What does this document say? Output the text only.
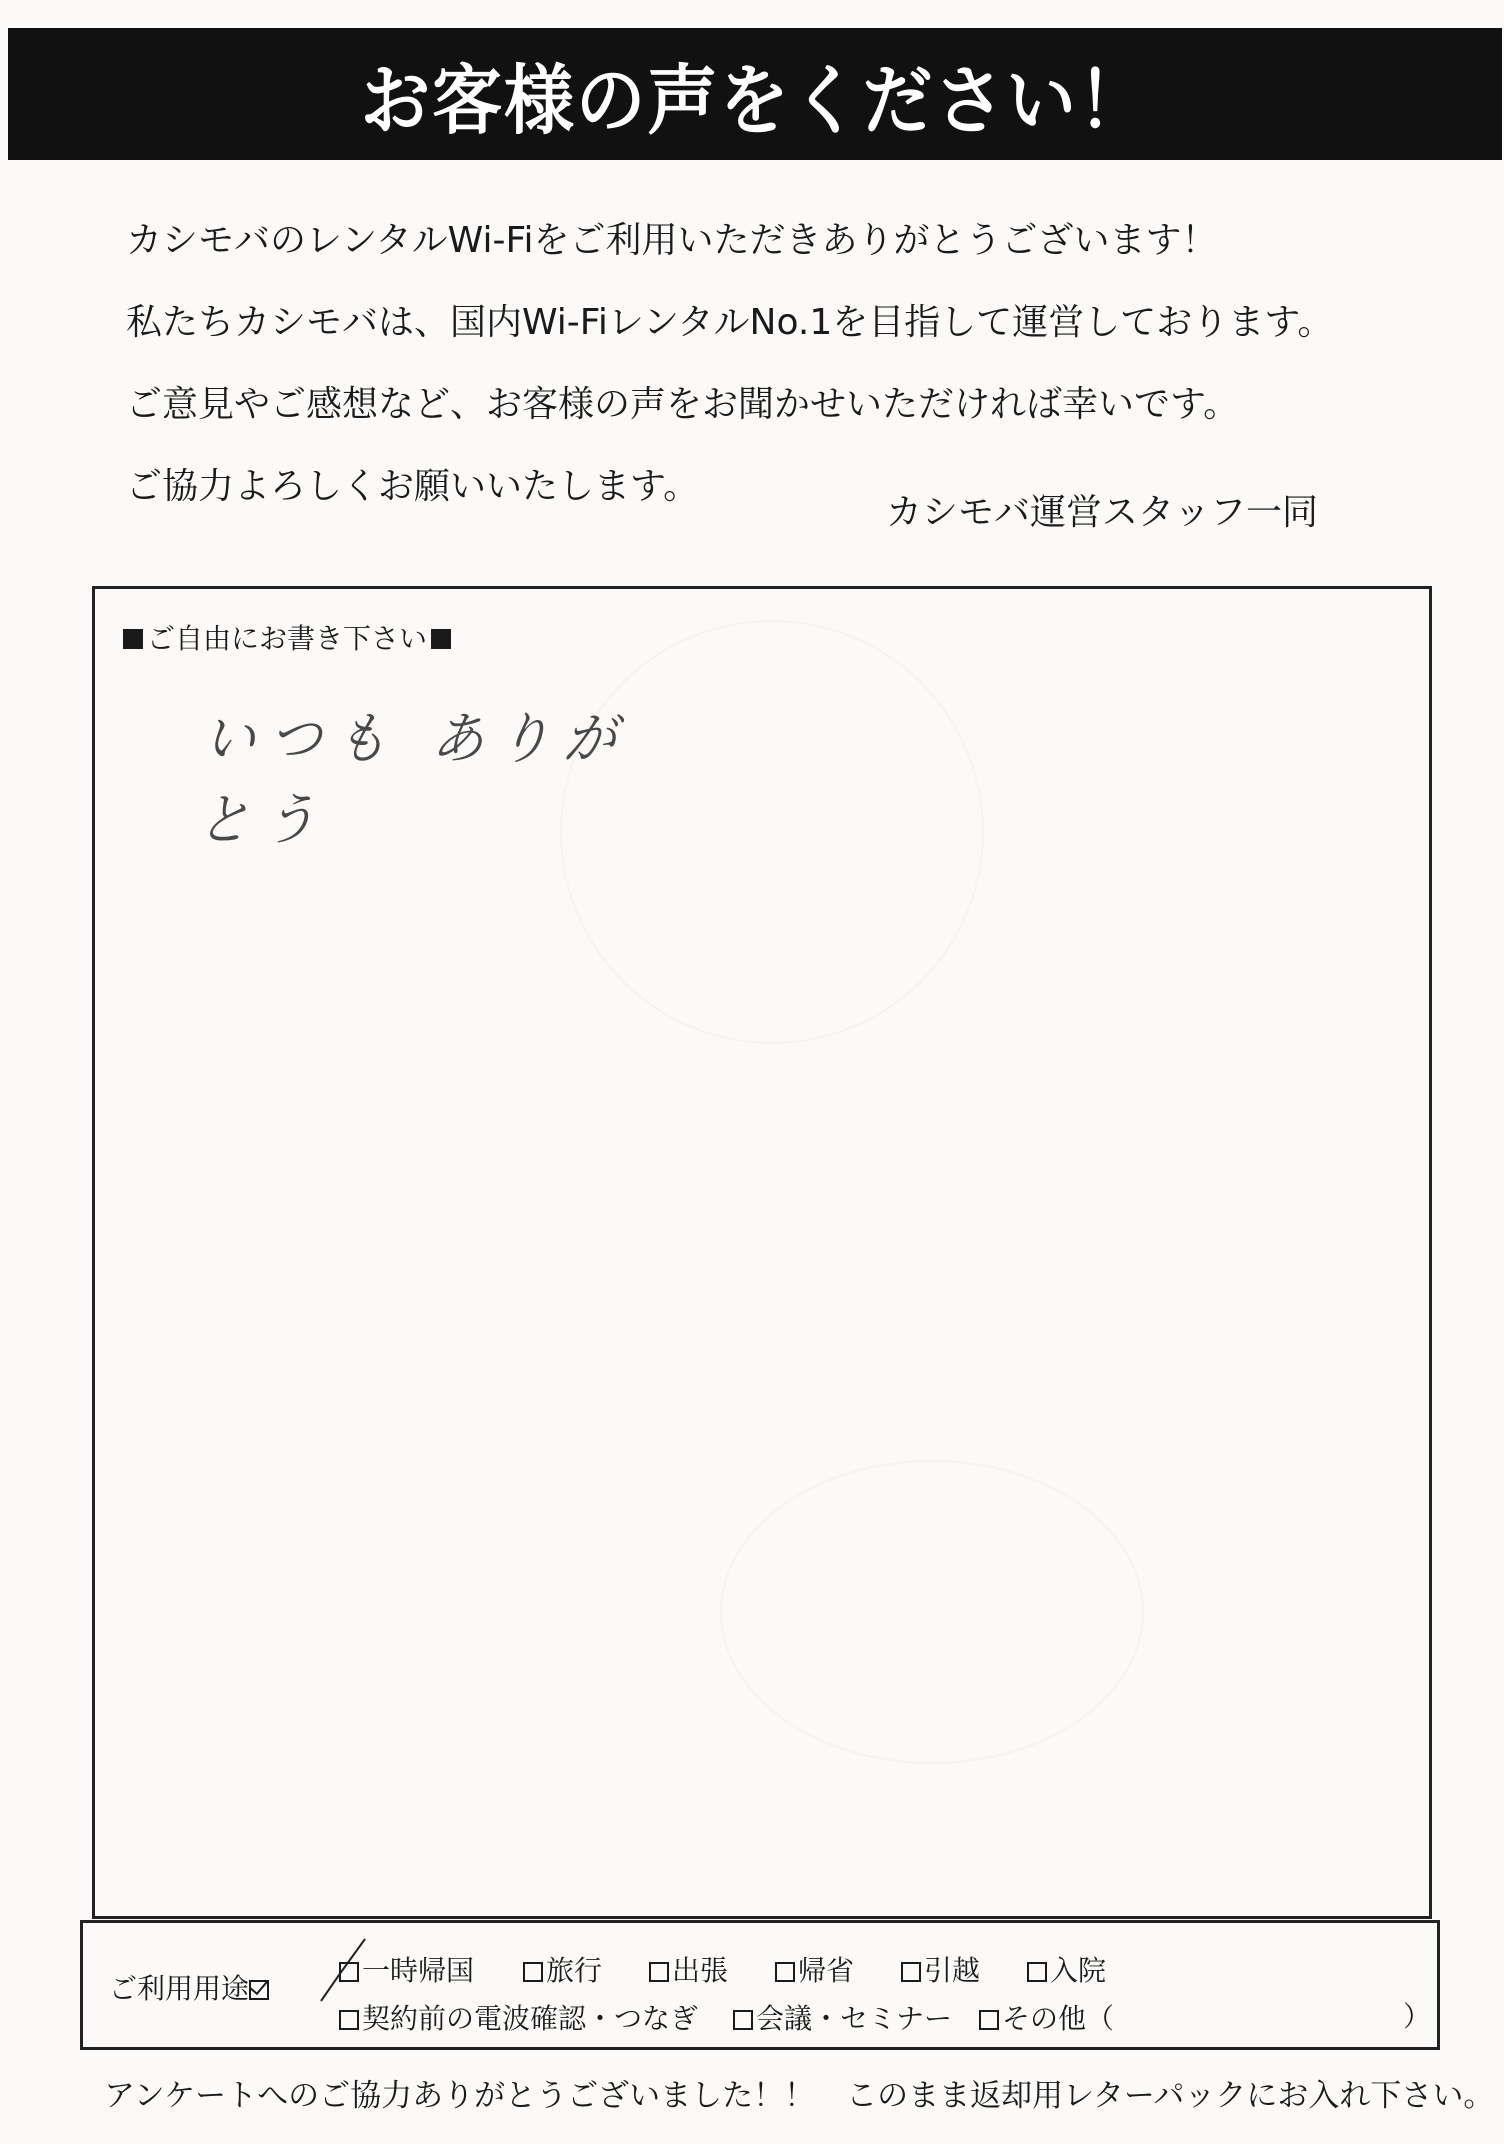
お客様の声をください！
カシモバのレンタルWi-Fiをご利用いただきありがとうございます！
私たちカシモバは、国内Wi-FiレンタルNo.1を目指して運営しております。
ご意見やご感想など、お客様の声をお聞かせいただければ幸いです。
ご協力よろしくお願いいたします。
カシモバ運営スタッフ一同
ご自由にお書き下さい
いつも ありがとう
ご利用用途
一時帰国	旅行	出張	帰省	引越	入院
契約前の電波確認・つなぎ	会議・セミナー	その他（	）
アンケートへのご協力ありがとうございました！！　このまま返却用レターパックにお入れ下さい。
